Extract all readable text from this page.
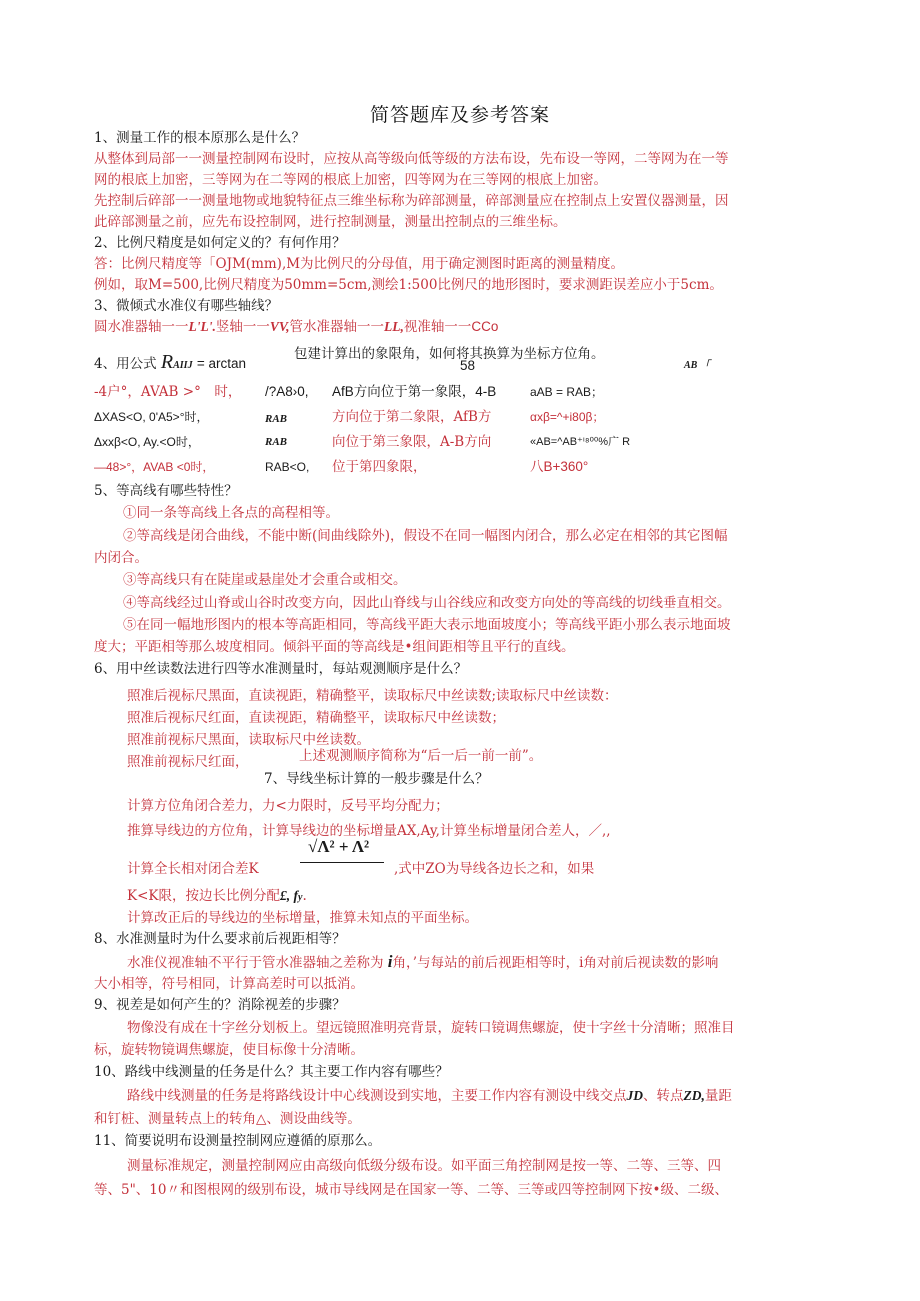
简答题库及参考答案
1、测量工作的根本原那么是什么？
从整体到局部一一测量控制网布设时，应按从高等级向低等级的方法布设，先布设一等网，二等网为在一等
网的根底上加密，三等网为在二等网的根底上加密，四等网为在三等网的根底上加密。
先控制后碎部一一测量地物或地貌特征点三维坐标称为碎部测量，碎部测量应在控制点上安置仪器测量，因
此碎部测量之前，应先布设控制网，进行控制测量，测量出控制点的三维坐标。
2、比例尺精度是如何定义的？有何作用？
答：比例尺精度等「OJM(mm),M为比例尺的分母值，用于确定测图时距离的测量精度。
例如，取M=500,比例尺精度为50mm=5cm,测绘1:500比例尺的地形图时，要求测距误差应小于5cm。
3、微倾式水准仪有哪些轴线？
圆水准器轴一一L'L'.竖轴一一VV,管水准器轴一一LL,视准轴一一CCo
包建计算出的象限角，如何将其换算为坐标方位角。
4、用公式 RAIIJ = arctan	58	AB 「
-4户°，AVAB >°　时， /?A8›0, AfB方向位于第一象限，4-B	aAB = RAB；
ΔXAS<O, 0'A5>°时，	RAB	方向位于第二象限，AfB方	αxβ=^+i80β；
Δxxβ<O, Ay.<O时，	RAB	向位于第三象限，A-B方向	«AB=^AB⁺ⁱ⁸⁰⁰%广 R
—48>°，AVAB <0时，	RAB<O, 位于第四象限，	八B+360°
5、等高线有哪些特性？
①同一条等高线上各点的高程相等。
②等高线是闭合曲线，不能中断(间曲线除外)，假设不在同一幅图内闭合，那么必定在相邻的其它图幅
内闭合。
③等高线只有在陡崖或悬崖处才会重合或相交。
④等高线经过山脊或山谷时改变方向，因此山脊线与山谷线应和改变方向处的等高线的切线垂直相交。
⑤在同一幅地形图内的根本等高距相同，等高线平距大表示地面坡度小；等高线平距小那么表示地面坡
度大；平距相等那么坡度相同。倾斜平面的等高线是•组间距相等且平行的直线。
6、用中丝读数法进行四等水准测量时，每站观测顺序是什么？
照准后视标尺黑面，直读视距，精确整平，读取标尺中丝读数;读取标尺中丝读数：
照准后视标尺红面，直读视距，精确整平，读取标尺中丝读数；
照准前视标尺黑面，读取标尺中丝读数。
照准前视标尺红面，	上述观测顺序简称为“后一后一前一前”。
7、导线坐标计算的一般步骤是什么？
计算方位角闭合差力，力<力限时，反号平均分配力；
推算导线边的方位角，计算导线边的坐标增量AX,Ay,计算坐标增量闭合差人，／,,
√Λ² + Λ²
计算全长相对闭合差K	,式中ZO为导线各边长之和，如果
K<K限，按边长比例分配£, fy.
计算改正后的导线边的坐标增量，推算未知点的平面坐标。
8、水准测量时为什么要求前后视距相等？
水准仪视准轴不平行于管水准器轴之差称为 i角，’与每站的前后视距相等时，i角对前后视读数的影响
大小相等，符号相同，计算高差时可以抵消。
9、视差是如何产生的？消除视差的步骤？
物像没有成在十字丝分划板上。望远镜照准明亮背景，旋转口镜调焦螺旋，使十字丝十分清晰；照准目
标，旋转物镜调焦螺旋，使目标像十分清晰。
10、路线中线测量的任务是什么？其主要工作内容有哪些？
路线中线测量的任务是将路线设计中心线测设到实地，主要工作内容有测设中线交点JD、转点ZD,量距
和钉桩、测量转点上的转角△、测设曲线等。
11、简要说明布设测量控制网应遵循的原那么。
测量标准规定，测量控制网应由高级向低级分级布设。如平面三角控制网是按一等、二等、三等、四
等、5"、10〃和图根网的级别布设，城市导线网是在国家一等、二等、三等或四等控制网下按•级、二级、
